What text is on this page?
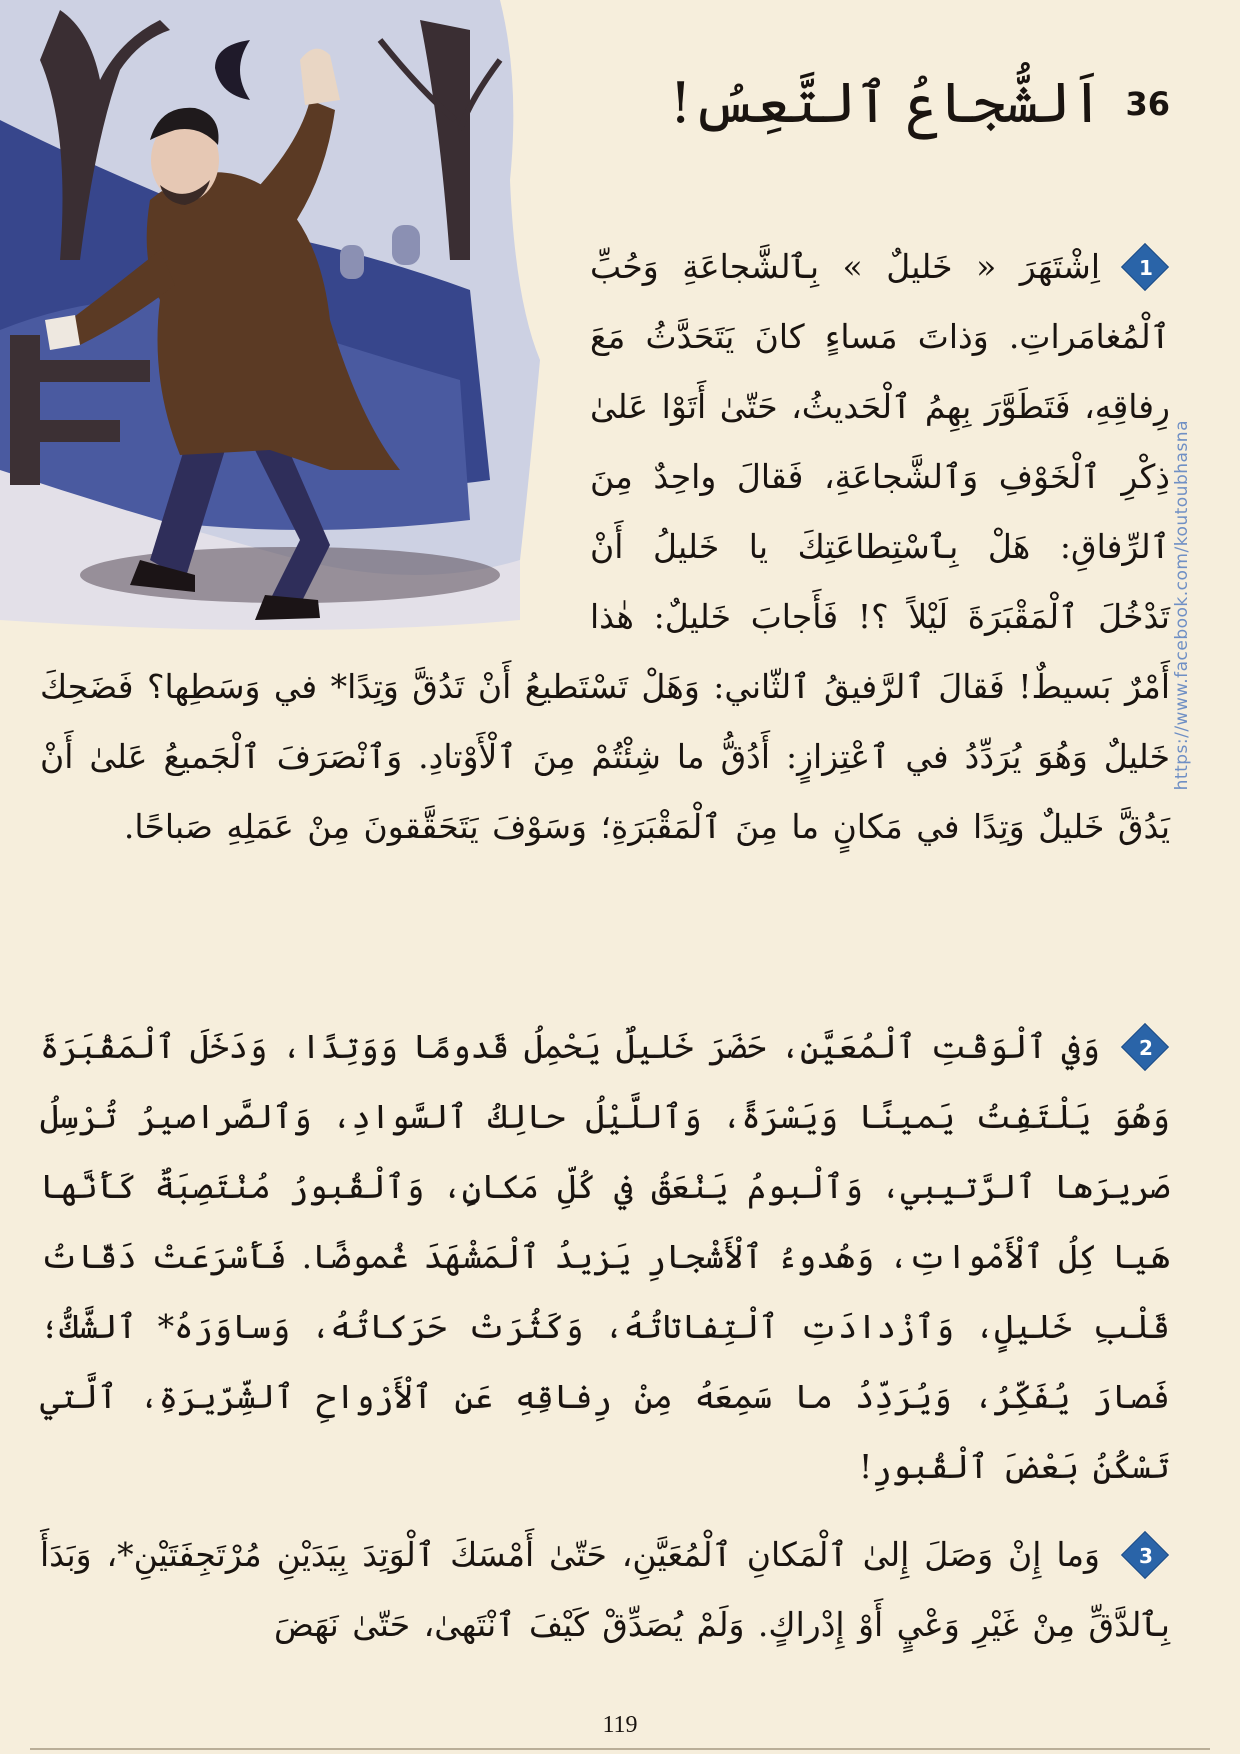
https://www.facebook.com/koutoubhasna
36
اَلشُّجاعُ ٱلتَّعِسُ!
1

اِشْتَهَرَ « خَليلٌ » بِٱلشَّجاعَةِ وَحُبِّ ٱلْمُغامَراتِ. وَذاتَ مَساءٍ كانَ يَتَحَدَّثُ مَعَ رِفاقِهِ، فَتَطَوَّرَ بِهِمُ ٱلْحَديثُ، حَتّىٰ أَتَوْا عَلىٰ ذِكْرِ ٱلْخَوْفِ وَٱلشَّجاعَةِ، فَقالَ واحِدٌ مِنَ ٱلرِّفاقِ: هَلْ بِٱسْتِطاعَتِكَ يا خَليلُ أَنْ تَدْخُلَ ٱلْمَقْبَرَةَ لَيْلاً ؟! فَأَجابَ خَليلٌ: هٰذا أَمْرٌ بَسيطٌ! فَقالَ ٱلرَّفيقُ ٱلثّاني: وَهَلْ تَسْتَطيعُ أَنْ تَدُقَّ وَتِدًا* في وَسَطِها؟ فَضَحِكَ خَليلٌ وَهُوَ يُرَدِّدُ في ٱعْتِزازٍ: أَدُقُّ ما شِئْتُمْ مِنَ ٱلْأَوْتادِ. وَٱنْصَرَفَ ٱلْجَميعُ عَلىٰ أَنْ يَدُقَّ خَليلٌ وَتِدًا في مَكانٍ ما مِنَ ٱلْمَقْبَرَةِ؛ وَسَوْفَ يَتَحَقَّقونَ مِنْ عَمَلِهِ صَباحًا.

2

وَفي ٱلْوَقْتِ ٱلْمُعَيَّنِ، حَضَرَ خَليلٌ يَحْمِلُ قَدومًا وَوَتِدًا، وَدَخَلَ ٱلْمَقْبَرَةَ وَهُوَ يَلْتَفِتُ يَمينًا وَيَسْرَةً، وَٱللَّيْلُ حالِكُ ٱلسَّوادِ، وَٱلصَّراصيرُ تُرْسِلُ صَريرَها ٱلرَّتيبي، وَٱلْبومُ يَنْعَقُ في كُلِّ مَكانٍ، وَٱلْقُبورُ مُنْتَصِبَةٌ كَأَنَّها هَيا كِلُ ٱلْأَمْواتِ، وَهُدوءُ ٱلْأَشْجارِ يَزيدُ ٱلْمَشْهَدَ غُموضًا. فَأَسْرَعَتْ دَقّاتُ قَلْبِ خَليلٍ، وَٱزْدادَتِ ٱلْتِفاتاتُهُ، وَكَثُرَتْ حَرَكاتُهُ، وَساوَرَهُ* ٱلشَّكُّ؛ فَصارَ يُفَكِّرُ، وَيُرَدِّدُ ما سَمِعَهُ مِنْ رِفاقِهِ عَنِ ٱلْأَرْواحِ ٱلشِّرّيرَةِ، ٱلَّتي تَسْكُنُ بَعْضَ ٱلْقُبورِ!

3

وَما إِنْ وَصَلَ إِلىٰ ٱلْمَكانِ ٱلْمُعَيَّنِ، حَتّىٰ أَمْسَكَ ٱلْوَتِدَ بِيَدَيْنِ مُرْتَجِفَتَيْنِ*، وَبَدَأَ بِٱلدَّقِّ مِنْ غَيْرِ وَعْيٍ أَوْ إِدْراكٍ. وَلَمْ يُصَدِّقْ كَيْفَ ٱنْتَهىٰ، حَتّىٰ نَهَضَ

119
